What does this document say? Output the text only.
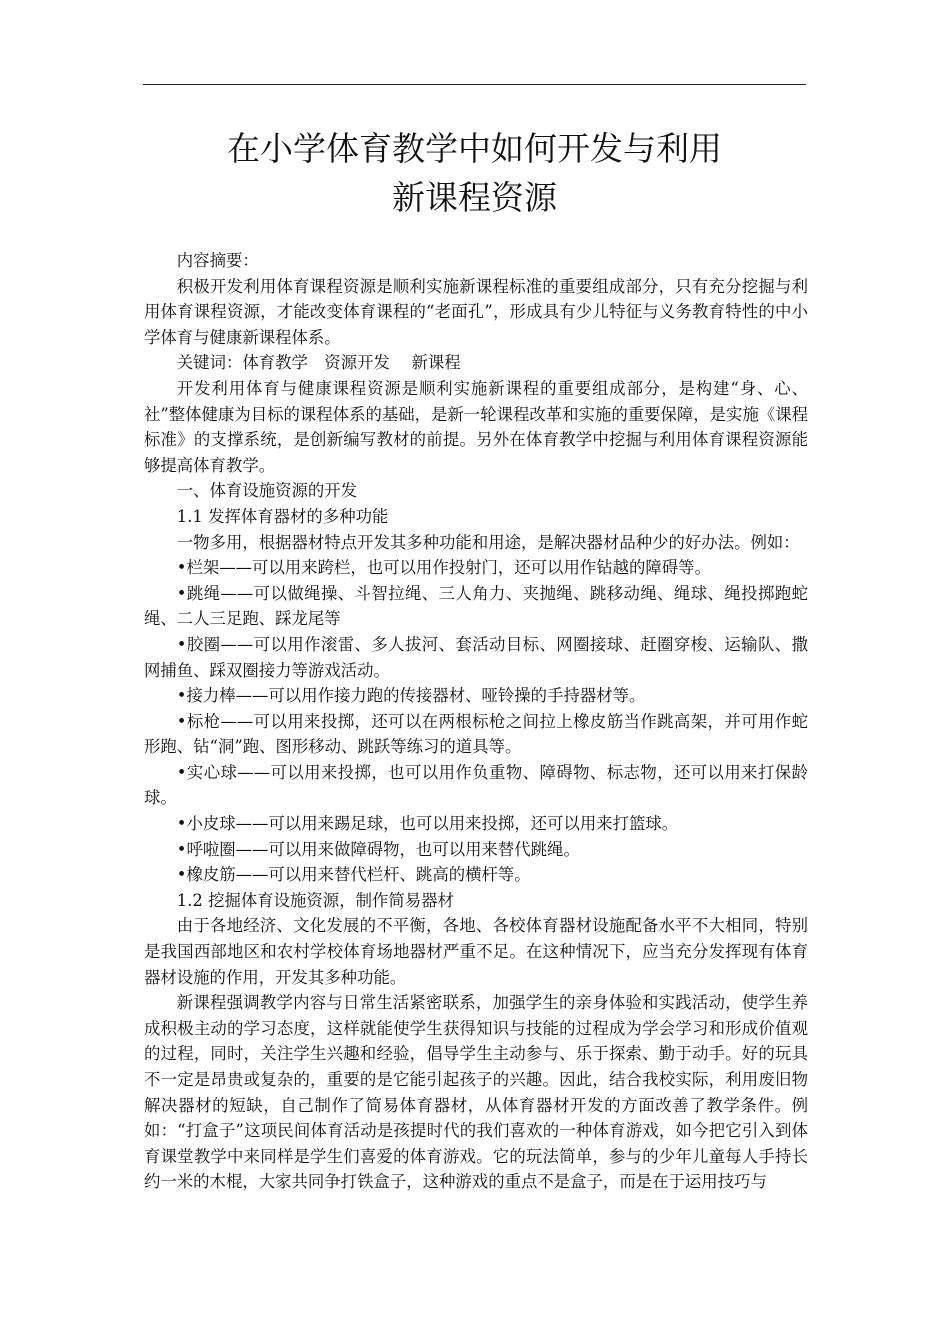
在小学体育教学中如何开发与利用
新课程资源

内容摘要：

积极开发利用体育课程资源是顺利实施新课程标准的重要组成部分，只有充分挖掘与利用体育课程资源，才能改变体育课程的“老面孔”，形成具有少儿特征与义务教育特性的中小学体育与健康新课程体系。

关键词：体育教学　资源开发　 新课程

开发利用体育与健康课程资源是顺利实施新课程的重要组成部分，是构建“身、心、社”整体健康为目标的课程体系的基础，是新一轮课程改革和实施的重要保障，是实施《课程标准》的支撑系统，是创新编写教材的前提。另外在体育教学中挖掘与利用体育课程资源能够提高体育教学。

一、体育设施资源的开发

1.1 发挥体育器材的多种功能

一物多用，根据器材特点开发其多种功能和用途，是解决器材品种少的好办法。例如：

•栏架——可以用来跨栏，也可以用作投射门，还可以用作钻越的障碍等。

•跳绳——可以做绳操、斗智拉绳、三人角力、夹抛绳、跳移动绳、绳球、绳投掷跑蛇绳、二人三足跑、踩龙尾等

•胶圈——可以用作滚雷、多人拔河、套活动目标、网圈接球、赶圈穿梭、运输队、撒网捕鱼、踩双圈接力等游戏活动。

•接力棒——可以用作接力跑的传接器材、哑铃操的手持器材等。

•标枪——可以用来投掷，还可以在两根标枪之间拉上橡皮筋当作跳高架，并可用作蛇形跑、钻“洞”跑、图形移动、跳跃等练习的道具等。

•实心球——可以用来投掷，也可以用作负重物、障碍物、标志物，还可以用来打保龄球。

•小皮球——可以用来踢足球，也可以用来投掷，还可以用来打篮球。

•呼啦圈——可以用来做障碍物，也可以用来替代跳绳。

•橡皮筋——可以用来替代栏杆、跳高的横杆等。

1.2 挖掘体育设施资源，制作简易器材

由于各地经济、文化发展的不平衡，各地、各校体育器材设施配备水平不大相同，特别是我国西部地区和农村学校体育场地器材严重不足。在这种情况下，应当充分发挥现有体育器材设施的作用，开发其多种功能。

新课程强调教学内容与日常生活紧密联系，加强学生的亲身体验和实践活动，使学生养成积极主动的学习态度，这样就能使学生获得知识与技能的过程成为学会学习和形成价值观的过程，同时，关注学生兴趣和经验，倡导学生主动参与、乐于探索、勤于动手。好的玩具不一定是昂贵或复杂的，重要的是它能引起孩子的兴趣。因此，结合我校实际，利用废旧物解决器材的短缺，自己制作了简易体育器材，从体育器材开发的方面改善了教学条件。例如：“打盒子”这项民间体育活动是孩提时代的我们喜欢的一种体育游戏，如今把它引入到体育课堂教学中来同样是学生们喜爱的体育游戏。它的玩法简单，参与的少年儿童每人手持长约一米的木棍，大家共同争打铁盒子，这种游戏的重点不是盒子，而是在于运用技巧与
